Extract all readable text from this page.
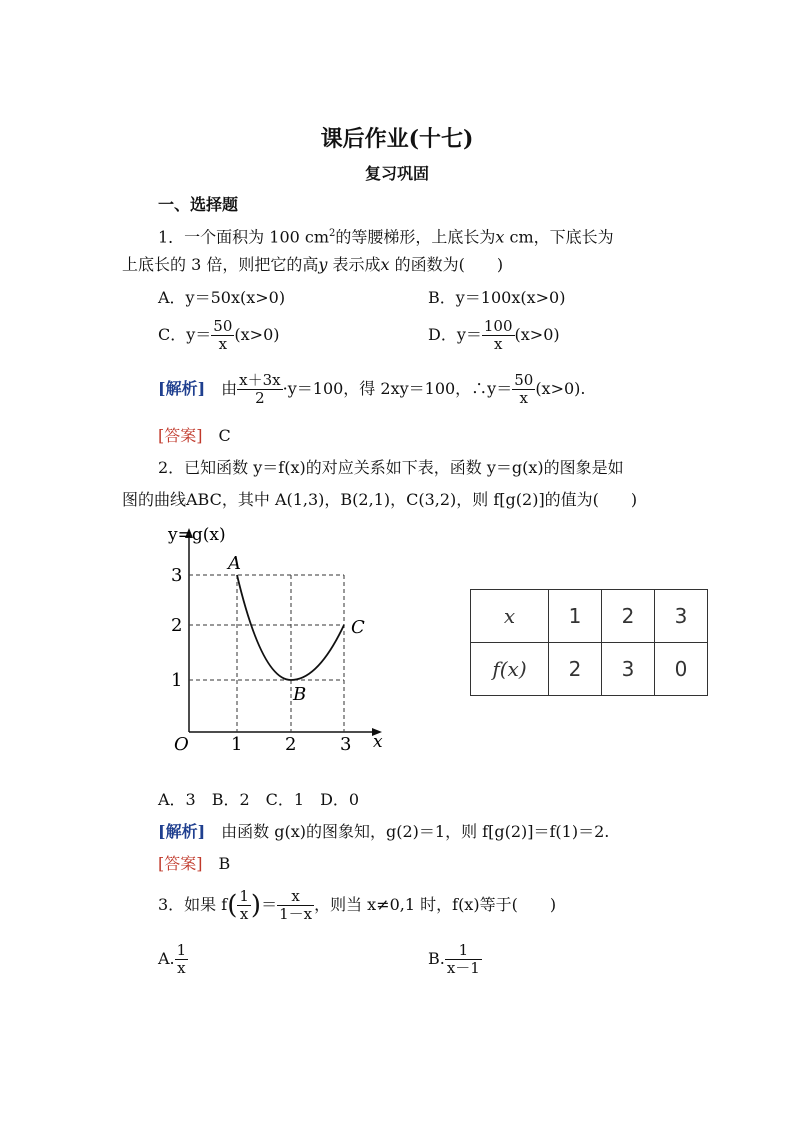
课后作业(十七)
复习巩固
一、选择题
1．一个面积为 100 $cm^2$的等腰梯形，上底长为x cm，下底长为
上底长的 3 倍，则把它的高y 表示成x 的函数为(　　)
A．y＝50x(x>0)	B．y＝100x(x>0)
C．$y= \frac{50}{x} (x>0)$	D．$y= \frac{100}{x} (x>0)$
[解析]　由 $\frac{x+3x}{2} \cdot y=100$，得 2xy＝100，∴y＝ $\frac{50}{x} (x>0)$.
[答案]　C
2．已知函数 y＝f(x)的对应关系如下表，函数 y＝g(x)的图象是如
图的曲线ABC，其中 A(1,3)，B(2,1)，C(3,2)，则 f[g(2)]的值为(　　)
y=g(x)
x
O 1 2 3
1
2
3
A
B
C	x	1	2	3
f(x)	2	3	0
A．3　B．2　C．1　D．0
[解析]　由函数 g(x)的图象知，g(2)＝1，则 f[g(2)]＝f(1)＝2.
[答案]　B
3．如果 $f( \frac{1}{x}$ )＝ $\frac{x}{1-x}$ ，则当 x≠0,1 时，f(x)等于(　　)
A. $\frac{1}{x}$	B. $\frac{1}{x-1}$
